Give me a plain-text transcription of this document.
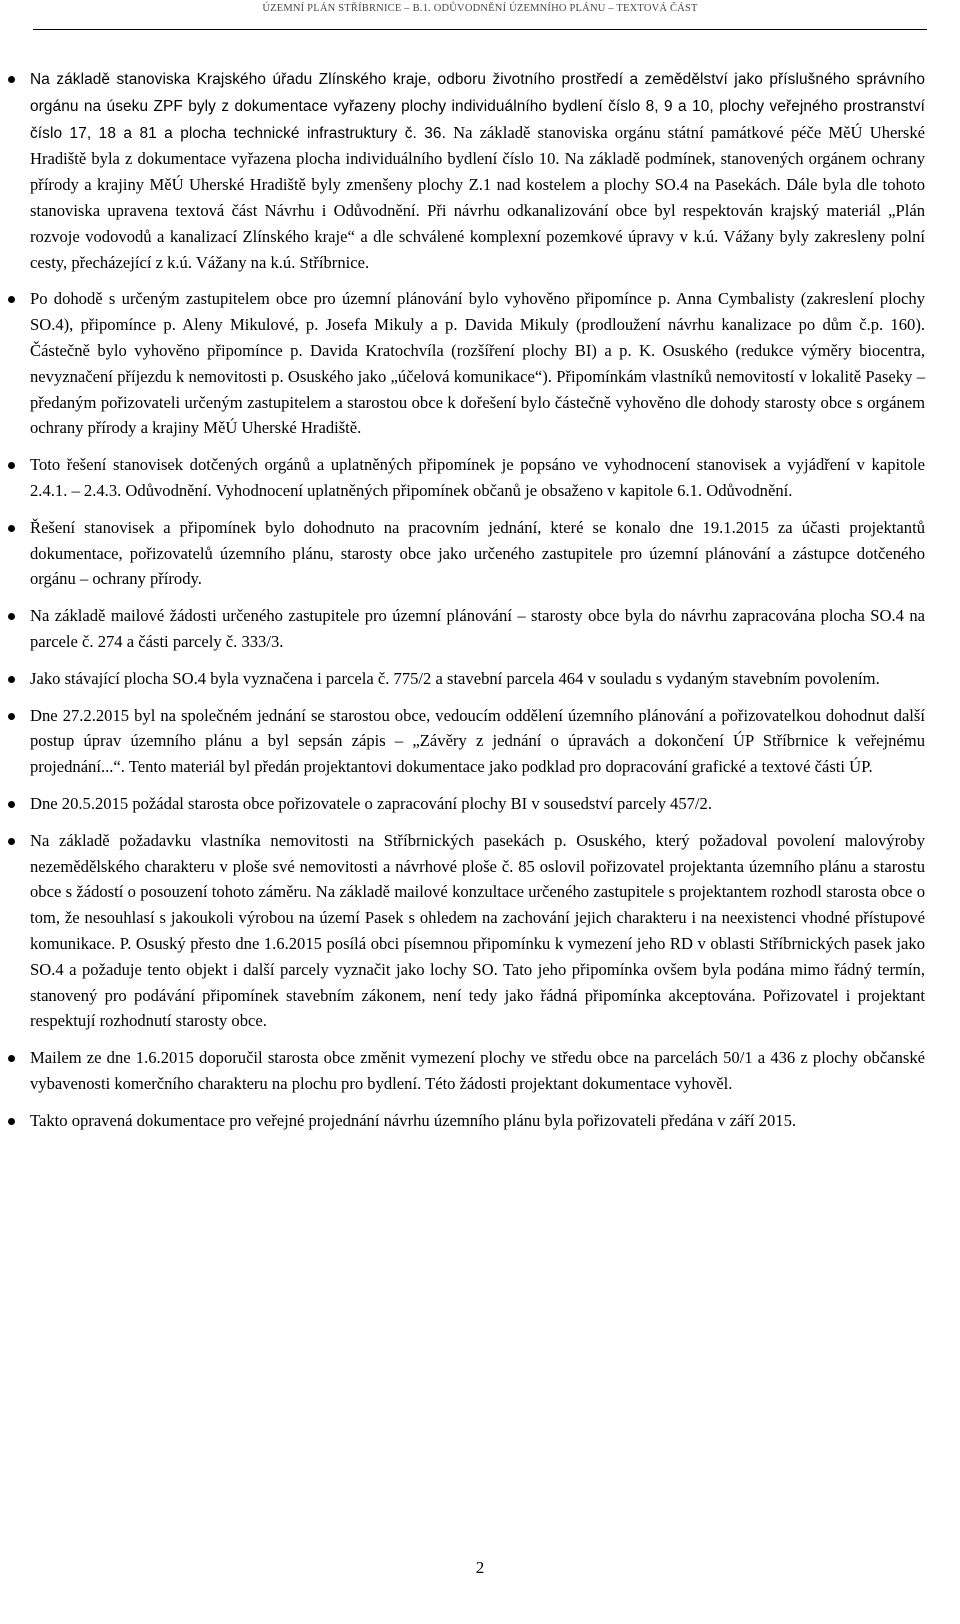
ÚZEMNÍ PLÁN STŘÍBRNICE – B.1. ODŮVODNĚNÍ ÚZEMNÍHO PLÁNU – TEXTOVÁ ČÁST
Na základě stanoviska Krajského úřadu Zlínského kraje, odboru životního prostředí a zemědělství jako příslušného správního orgánu na úseku ZPF byly z dokumentace vyřazeny plochy individuálního bydlení číslo 8, 9 a 10, plochy veřejného prostranství číslo 17, 18 a 81 a plocha technické infrastruktury č. 36. Na základě stanoviska orgánu státní památkové péče MěÚ Uherské Hradiště byla z dokumentace vyřazena plocha individuálního bydlení číslo 10. Na základě podmínek, stanovených orgánem ochrany přírody a krajiny MěÚ Uherské Hradiště byly zmenšeny plochy Z.1 nad kostelem a plochy SO.4 na Pasekách. Dále byla dle tohoto stanoviska upravena textová část Návrhu i Odůvodnění. Při návrhu odkanalizování obce byl respektován krajský materiál „Plán rozvoje vodovodů a kanalizací Zlínského kraje“ a dle schválené komplexní pozemkové úpravy v k.ú. Vážany byly zakresleny polní cesty, přecházející z k.ú. Vážany na k.ú. Stříbrnice.
Po dohodě s určeným zastupitelem obce pro územní plánování bylo vyhověno připomínce p. Anna Cymbalisty (zakreslení plochy SO.4), připomínce p. Aleny Mikulové, p. Josefa Mikuly a p. Davida Mikuly (prodloužení návrhu kanalizace po dům č.p. 160). Částečně bylo vyhověno připomínce p. Davida Kratochvíla (rozšíření plochy BI) a p. K. Osuského (redukce výměry biocentra, nevyznačení příjezdu k nemovitosti p. Osuského jako „účelová komunikace“). Připomínkám vlastníků nemovitostí v lokalitě Paseky – předaným pořizovateli určeným zastupitelem a starostou obce k dořešení bylo částečně vyhověno dle dohody starosty obce s orgánem ochrany přírody a krajiny MěÚ Uherské Hradiště.
Toto řešení stanovisek dotčených orgánů a uplatněných připomínek je popsáno ve vyhodnocení stanovisek a vyjádření v kapitole 2.4.1. – 2.4.3. Odůvodnění. Vyhodnocení uplatněných připomínek občanů je obsaženo v kapitole 6.1. Odůvodnění.
Řešení stanovisek a připomínek bylo dohodnuto na pracovním jednání, které se konalo dne 19.1.2015 za účasti projektantů dokumentace, pořizovatelů územního plánu, starosty obce jako určeného zastupitele pro územní plánování a zástupce dotčeného orgánu – ochrany přírody.
Na základě mailové žádosti určeného zastupitele pro územní plánování – starosty obce byla do návrhu zapracována plocha SO.4 na parcele č. 274 a části parcely č. 333/3.
Jako stávající plocha SO.4 byla vyznačena i parcela č. 775/2 a stavební parcela 464 v souladu s vydaným stavebním povolením.
Dne 27.2.2015 byl na společném jednání se starostou obce, vedoucím oddělení územního plánování a pořizovatelkou dohodnut další postup úprav územního plánu a byl sepsán zápis – „Závěry z jednání o úpravách a dokončení ÚP Stříbrnice k veřejnému projednání...“. Tento materiál byl předán projektantovi dokumentace jako podklad pro dopracování grafické a textové části ÚP.
Dne 20.5.2015 požádal starosta obce pořizovatele o zapracování plochy BI v sousedství parcely 457/2.
Na základě požadavku vlastníka nemovitosti na Stříbrnických pasekách p. Osuského, který požadoval povolení malovýroby nezemědělského charakteru v ploše své nemovitosti a návrhové ploše č. 85 oslovil pořizovatel projektanta územního plánu a starostu obce s žádostí o posouzení tohoto záměru. Na základě mailové konzultace určeného zastupitele s projektantem rozhodl starosta obce o tom, že nesouhlasí s jakoukoli výrobou na území Pasek s ohledem na zachování jejich charakteru i na neexistenci vhodné přístupové komunikace. P. Osuský přesto dne 1.6.2015 posílá obci písemnou připomínku k vymezení jeho RD v oblasti Stříbrnických pasek jako SO.4 a požaduje tento objekt i další parcely vyznačit jako lochy SO. Tato jeho připomínka ovšem byla podána mimo řádný termín, stanovený pro podávání připomínek stavebním zákonem, není tedy jako řádná připomínka akceptována. Pořizovatel i projektant respektují rozhodnutí starosty obce.
Mailem ze dne 1.6.2015 doporučil starosta obce změnit vymezení plochy ve středu obce na parcelách 50/1 a 436 z plochy občanské vybavenosti komerčního charakteru na plochu pro bydlení. Této žádosti projektant dokumentace vyhověl.
Takto opravená dokumentace pro veřejné projednání návrhu územního plánu byla pořizovateli předána v září 2015.
2
